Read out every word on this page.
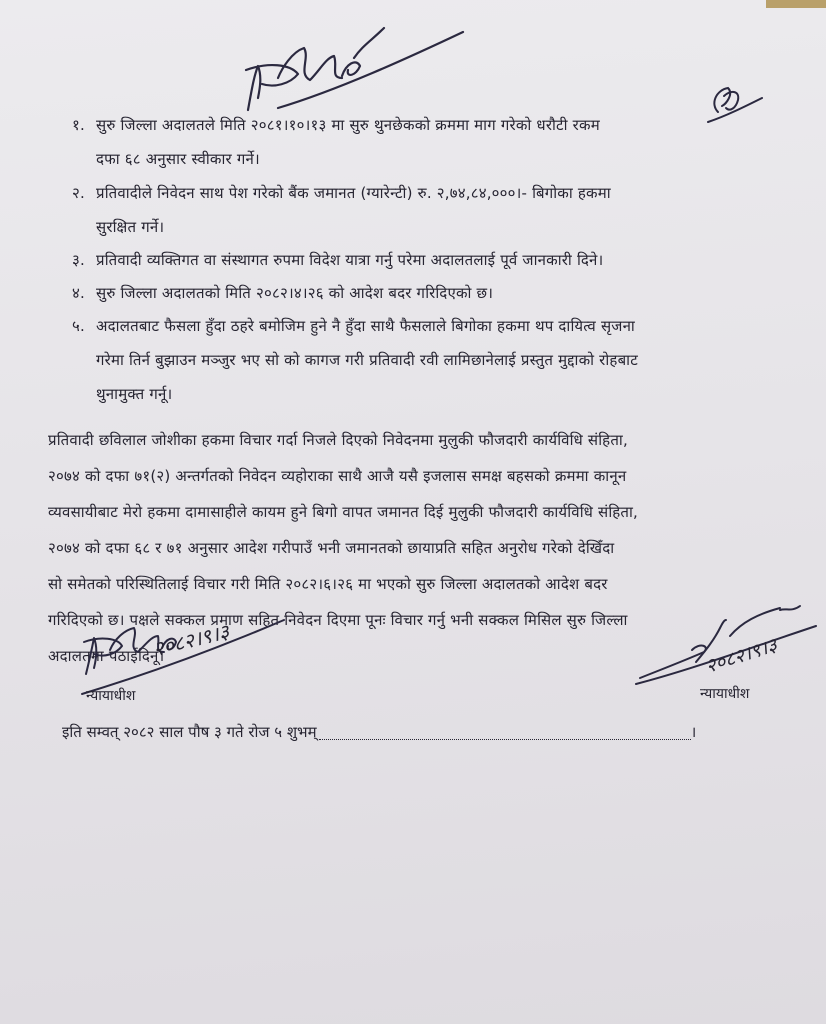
१. सुरु जिल्ला अदालतले मिति २०८१।१०।१३ मा सुरु थुनछेकको क्रममा माग गरेको धरौटी रकम
दफा ६८ अनुसार स्वीकार गर्ने।
२. प्रतिवादीले निवेदन साथ पेश गरेको बैंक जमानत (ग्यारेन्टी) रु. २,७४,८४,०००।- बिगोका हकमा
सुरक्षित गर्ने।
३. प्रतिवादी व्यक्तिगत वा संस्थागत रुपमा विदेश यात्रा गर्नु परेमा अदालतलाई पूर्व जानकारी दिने।
४. सुरु जिल्ला अदालतको मिति २०८२।४।२६ को आदेश बदर गरिदिएको छ।
५. अदालतबाट फैसला हुँदा ठहरे बमोजिम हुने नै हुँदा साथै फैसलाले बिगोका हकमा थप दायित्व सृजना
गरेमा तिर्न बुझाउन मञ्जुर भए सो को कागज गरी प्रतिवादी रवी लामिछानेलाई प्रस्तुत मुद्दाको रोहबाट
थुनामुक्त गर्नू।
प्रतिवादी छविलाल जोशीका हकमा विचार गर्दा निजले दिएको निवेदनमा मुलुकी फौजदारी कार्यविधि संहिता,
२०७४ को दफा ७१(२) अन्तर्गतको निवेदन व्यहोराका साथै आजै यसै इजलास समक्ष बहसको क्रममा कानून
व्यवसायीबाट मेरो हकमा दामासाहीले कायम हुने बिगो वापत जमानत दिई मुलुकी फौजदारी कार्यविधि संहिता,
२०७४ को दफा ६८ र ७१ अनुसार आदेश गरीपाउँ भनी जमानतको छायाप्रति सहित अनुरोध गरेको देखिँदा
सो समेतको परिस्थितिलाई विचार गरी मिति २०८२।६।२६ मा भएको सुरु जिल्ला अदालतको आदेश बदर
गरिदिएको छ। पक्षले सक्कल प्रमाण सहित निवेदन दिएमा पूनः विचार गर्नु भनी सक्कल मिसिल सुरु जिल्ला
अदालतमा पठाईदिनू।
२०८२।९।३
न्यायाधीश
२०८२।९।३
न्यायाधीश
इति सम्वत् २०८२ साल पौष ३ गते रोज ५ शुभम्	।
